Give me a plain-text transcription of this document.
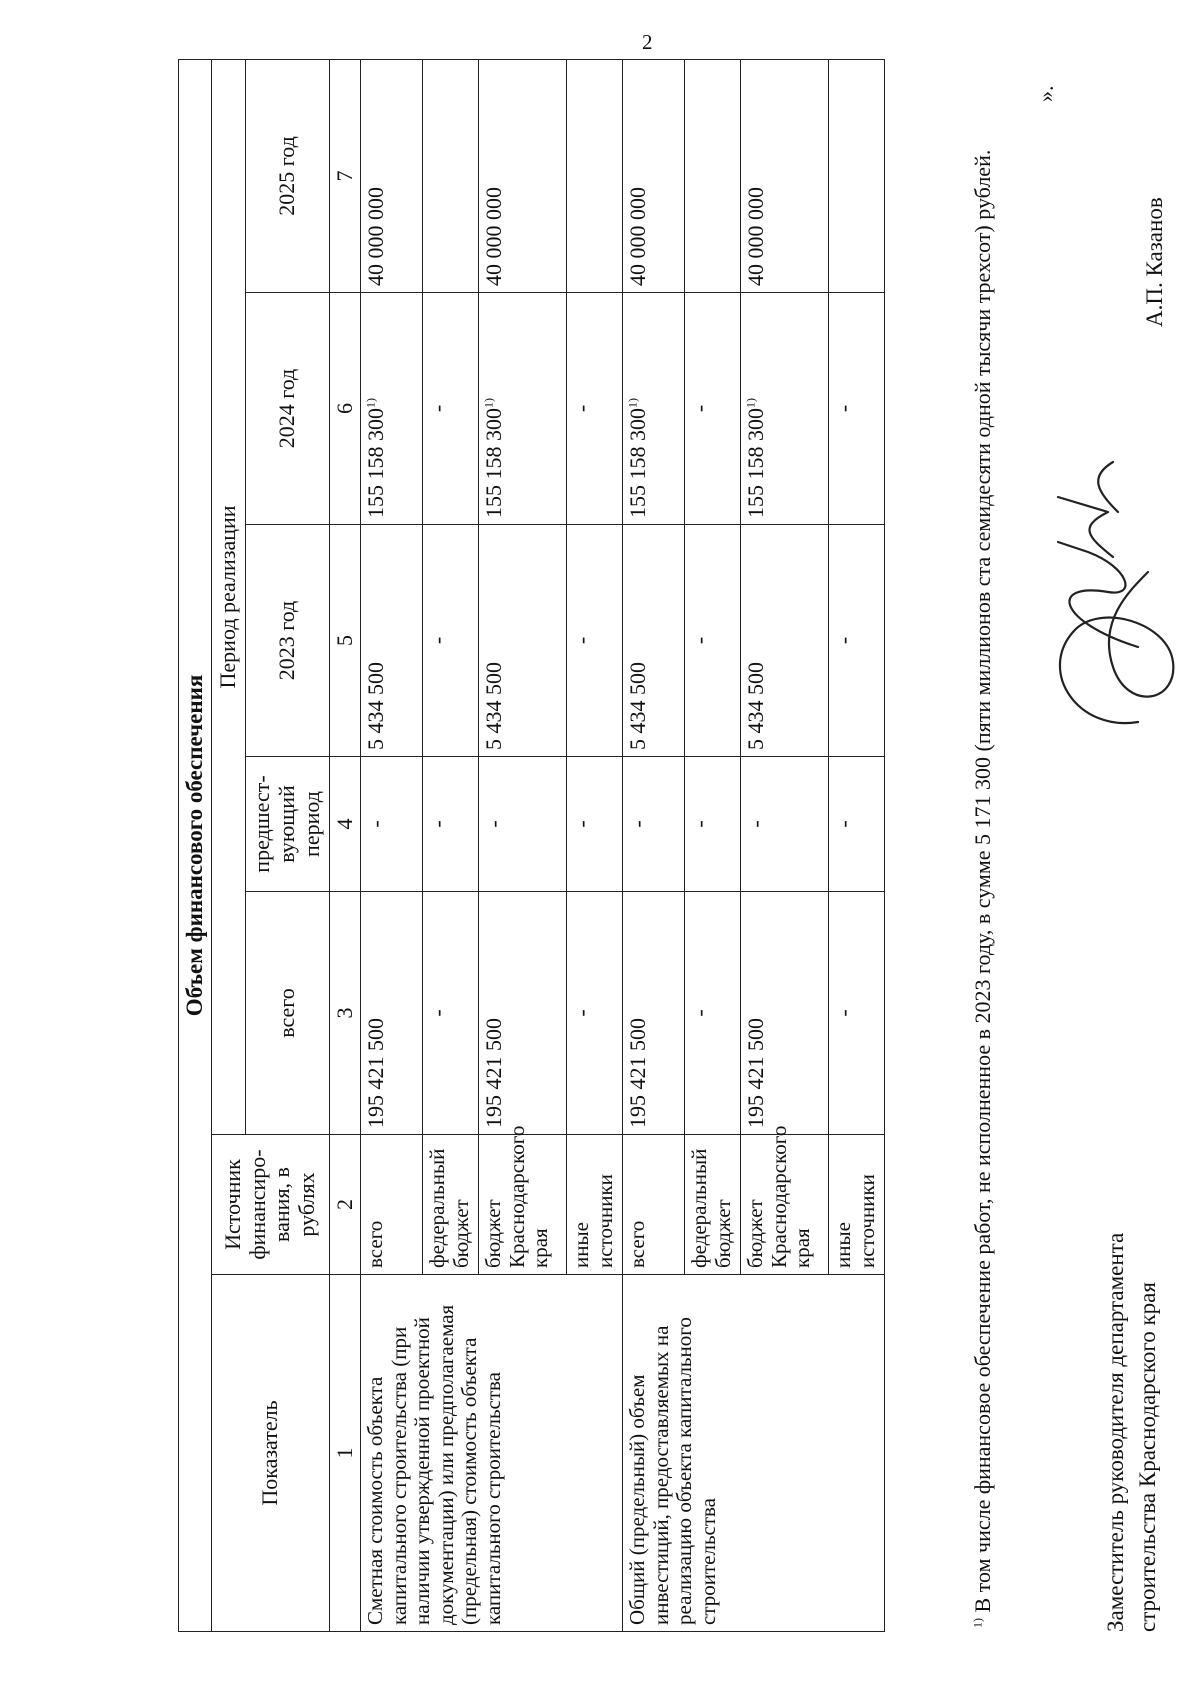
2
Объем финансового обеспечения						
Показатель	Источник финансиро-вания, в рублях	Период реализации				
		всего	предшест-вующий период	2023 год	2024 год	2025 год
1	2	3	4	5	6	7
Сметная стоимость объекта капитального строительства (при наличии утвержденной проектной документации) или предполагаемая (предельная) стоимость объекта капитального строительства	всего	195 421 500	-	5 434 500	155 158 300$^{1)}$	40 000 000
	федеральный бюджет	-	-	-	-	
	бюджет Краснодарского края	195 421 500	-	5 434 500	155 158 300$^{1)}$	40 000 000
	иные источники	-	-	-	-	
Общий (предельный) объем инвестиций, предоставляемых на реализацию объекта капитального строительства	всего	195 421 500	-	5 434 500	155 158 300$^{1)}$	40 000 000
	федеральный бюджет	-	-	-	-	
	бюджет Краснодарского края	195 421 500	-	5 434 500	155 158 300$^{1)}$	40 000 000
	иные источники	-	-	-	-	
$^{1)}$ В том числе финансовое обеспечение работ, не исполненное в 2023 году, в сумме 5 171 300 (пяти миллионов ста семидесяти одной тысячи трехсот) рублей.
».
Заместитель руководителя департамента строительства Краснодарского края
А.П. Казанов
